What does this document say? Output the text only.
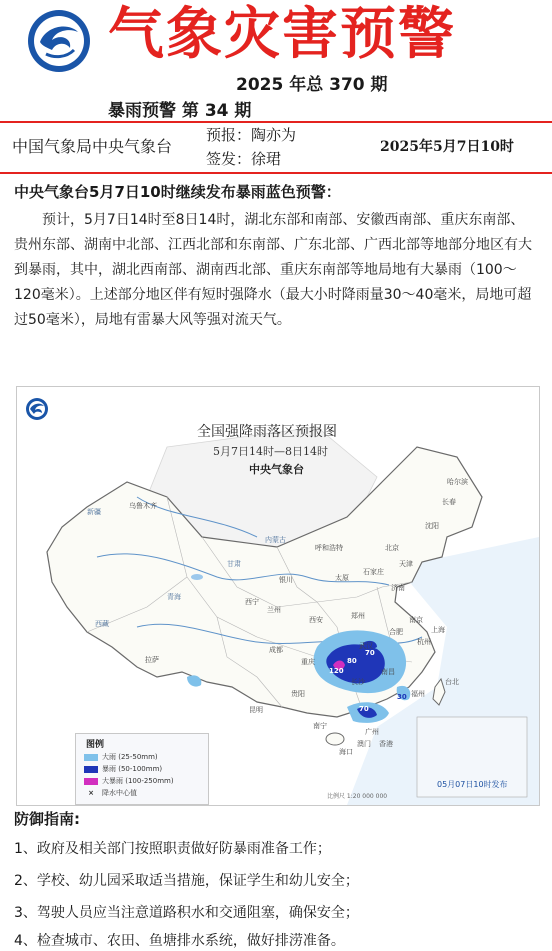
气象灾害预警
2025 年总 370 期
暴雨预警 第 34 期
中国气象局中央气象台
预报：陶亦为
签发：徐珺
2025年5月7日10时
中央气象台5月7日10时继续发布暴雨蓝色预警：
预计，5月7日14时至8日14时，湖北东部和南部、安徽西南部、重庆东南部、贵州东部、湖南中北部、江西北部和东南部、广东北部、广西北部等地部分地区有大到暴雨，其中，湖北西南部、湖南西北部、重庆东南部等地局地有大暴雨（100～120毫米）。上述部分地区伴有短时强降水（最大小时降雨量30～40毫米，局地可超过50毫米），局地有雷暴大风等强对流天气。
全国强降雨落区预报图
5月7日14时—8日14时
中央气象台
新疆
西藏
青海
内蒙古
甘肃
乌鲁木齐
哈尔滨
长春
沈阳
北京
天津
呼和浩特
太原
石家庄
济南
银川
西宁
兰州
西安	郑州	南京
合肥	上海
杭州
武汉
拉萨
成都
重庆
长沙
南昌
贵阳
昆明
福州
南宁
广州
香港
澳门
海口
台北
70
120
80
30
70
图例
大雨 (25-50mm)
暴雨 (50-100mm)
大暴雨 (100-250mm)
× 降水中心值
05月07日10时发布
比例尺 1:20 000 000
防御指南:
1、政府及相关部门按照职责做好防暴雨准备工作；
2、学校、幼儿园采取适当措施，保证学生和幼儿安全；
3、驾驶人员应当注意道路积水和交通阻塞，确保安全；
4、检查城市、农田、鱼塘排水系统，做好排涝准备。
